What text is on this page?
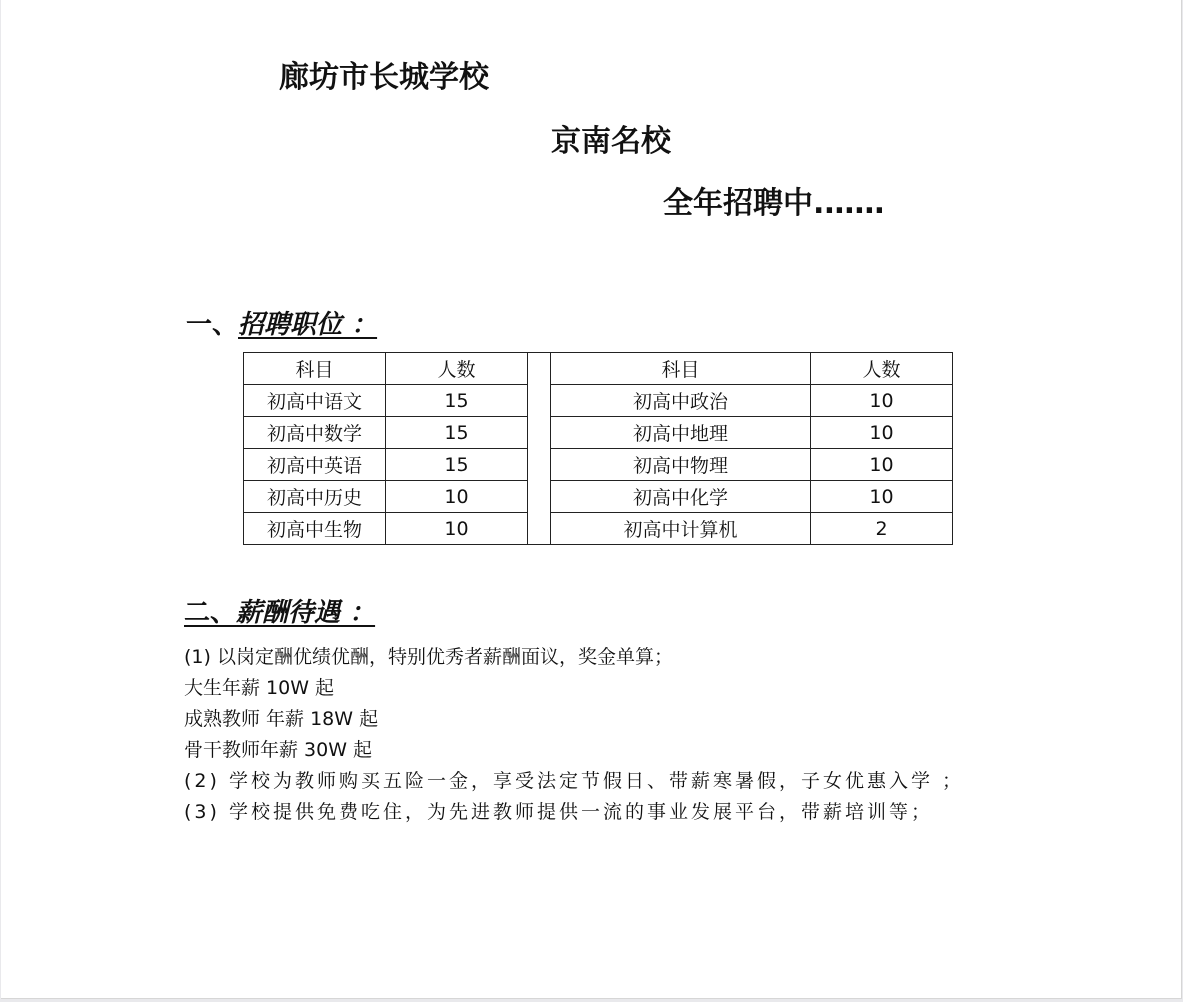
廊坊市长城学校
京南名校
全年招聘中.……
一、招聘职位 ：
科目	人数		科目	人数
初高中语文	15		初高中政治	10
初高中数学	15		初高中地理	10
初高中英语	15		初高中物理	10
初高中历史	10		初高中化学	10
初高中生物	10		初高中计算机	2
二、薪酬待遇 ：
(1) 以岗定酬优绩优酬，特别优秀者薪酬面议，奖金单算；
大生年薪 10W 起
成熟教师 年薪 18W 起
骨干教师年薪 30W 起
(2) 学校为教师购买五险一金，享受法定节假日、带薪寒暑假，子女优惠入学 ；
(3) 学校提供免费吃住，为先进教师提供一流的事业发展平台，带薪培训等；
